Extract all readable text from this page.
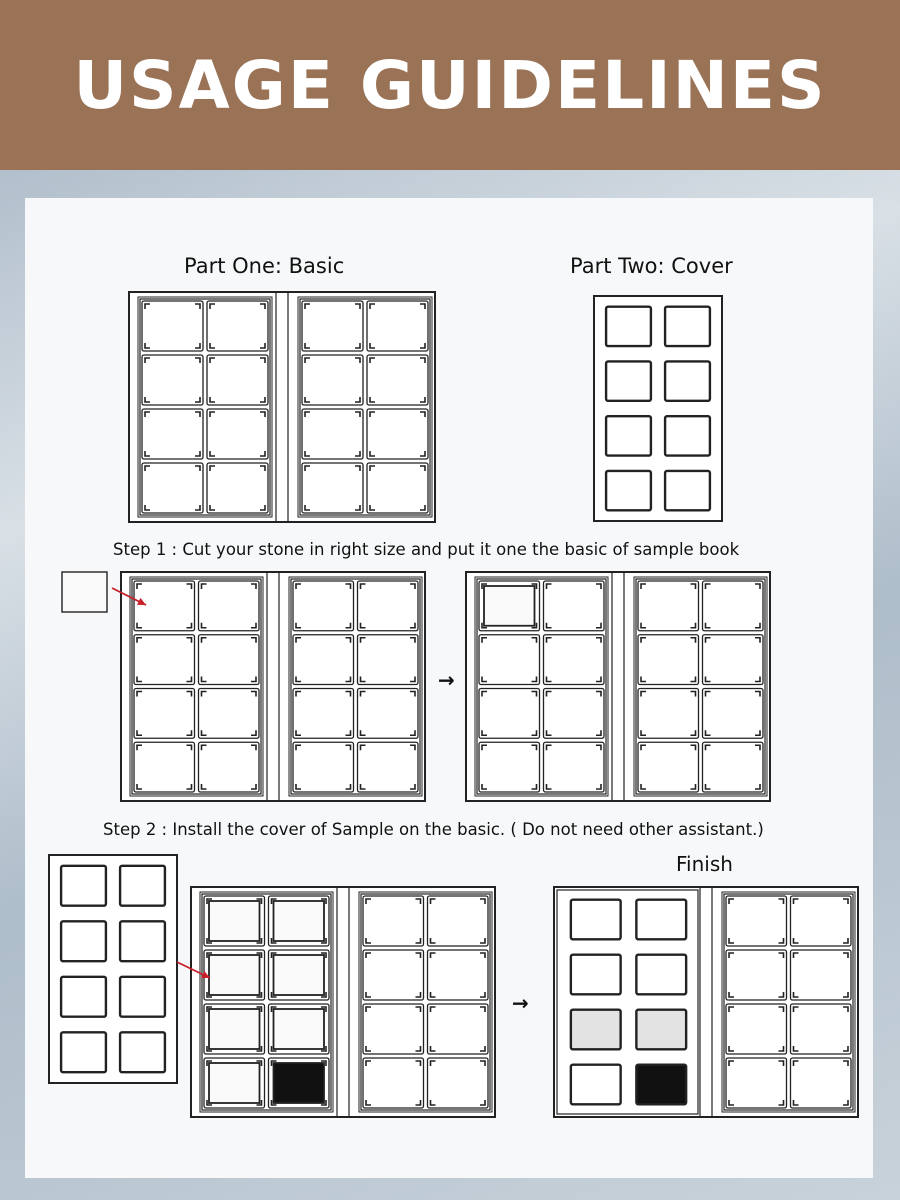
USAGE GUIDELINES
Part One: Basic	Part Two: Cover
Step 1 : Cut your stone in right size and put it one the basic of sample book
Step 2 : Install the cover of Sample on the basic. ( Do not need other assistant.)
Finish
→
→
